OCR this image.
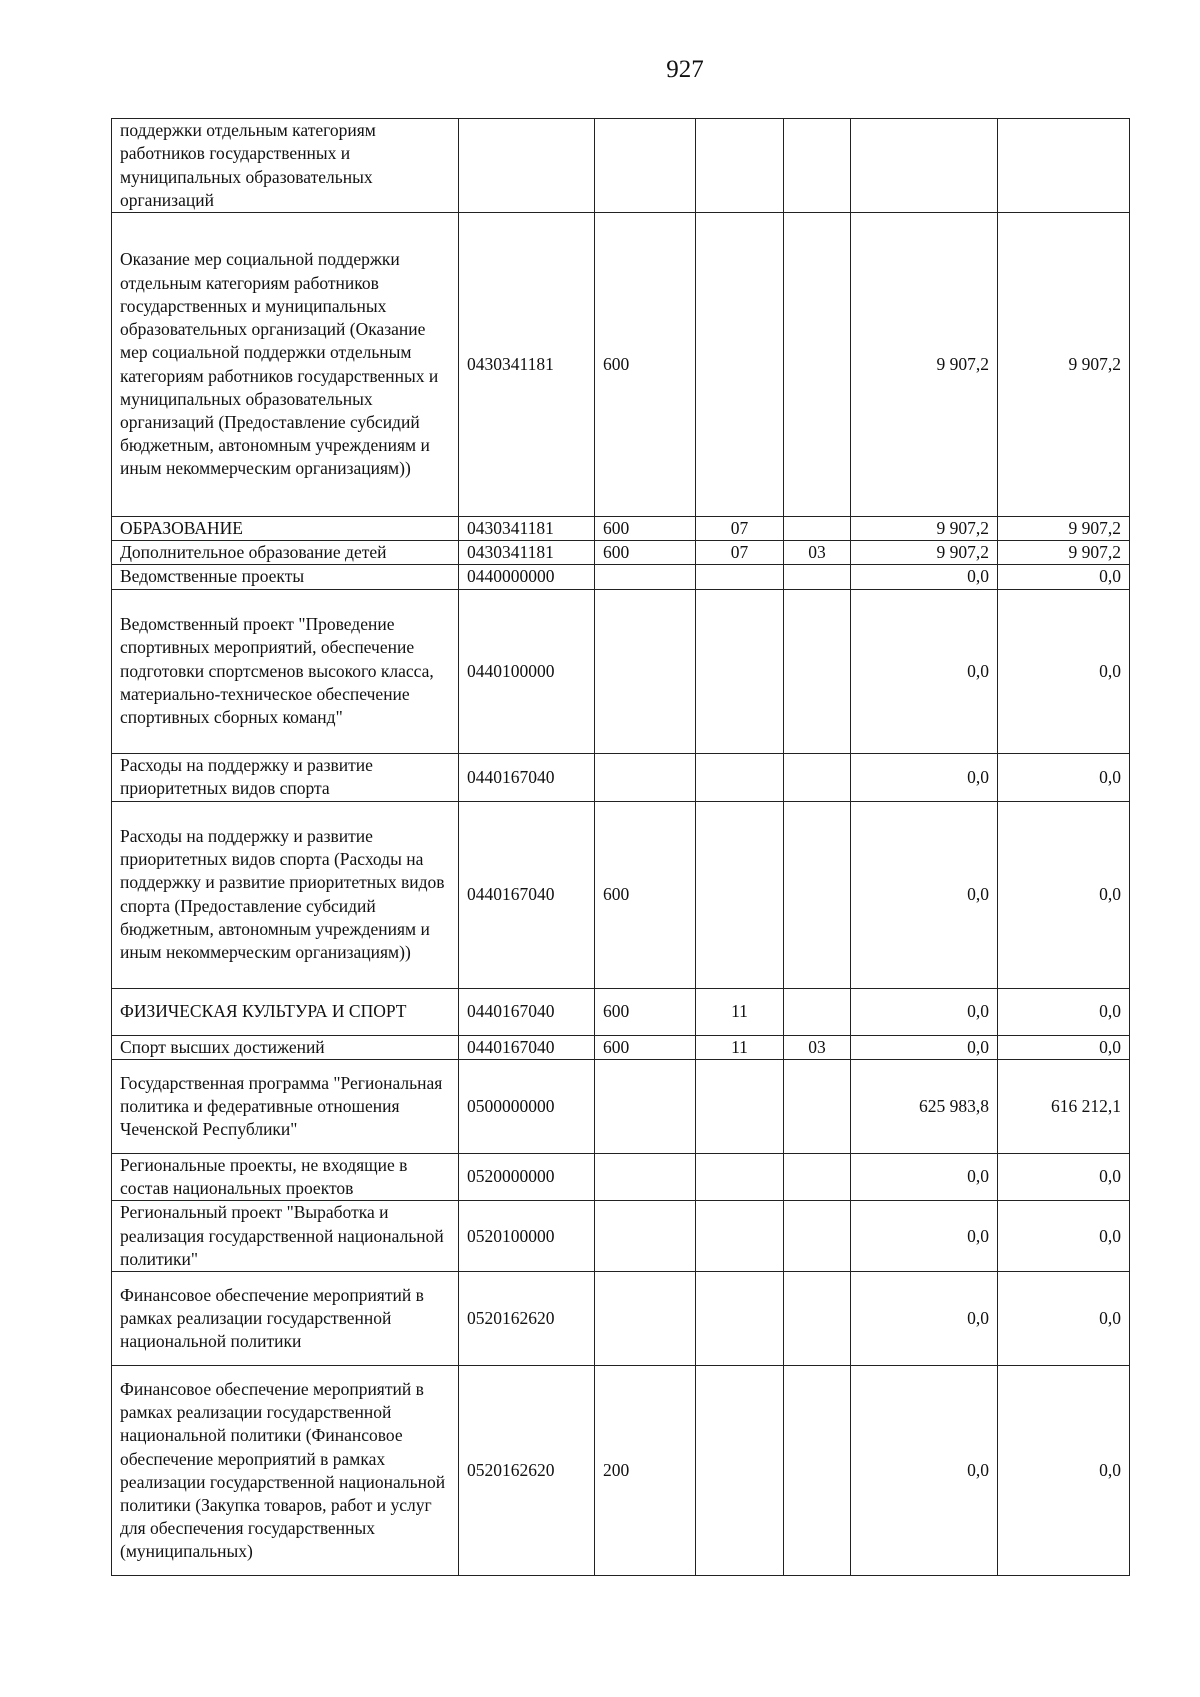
927
поддержки отдельным категориям работников государственных и муниципальных образовательных организаций						
Оказание мер социальной поддержки отдельным категориям работников государственных и муниципальных образовательных организаций (Оказание мер социальной поддержки отдельным категориям работников государственных и муниципальных образовательных организаций (Предоставление субсидий бюджетным, автономным учреждениям и иным некоммерческим организациям))	0430341181	600			9 907,2	9 907,2
ОБРАЗОВАНИЕ	0430341181	600	07		9 907,2	9 907,2
Дополнительное образование детей	0430341181	600	07	03	9 907,2	9 907,2
Ведомственные проекты	0440000000				0,0	0,0
Ведомственный проект "Проведение спортивных мероприятий, обеспечение подготовки спортсменов высокого класса, материально-техническое обеспечение спортивных сборных команд"	0440100000				0,0	0,0
Расходы на поддержку и развитие приоритетных видов спорта	0440167040				0,0	0,0
Расходы на поддержку и развитие приоритетных видов спорта (Расходы на поддержку и развитие приоритетных видов спорта (Предоставление субсидий бюджетным, автономным учреждениям и иным некоммерческим организациям))	0440167040	600			0,0	0,0
ФИЗИЧЕСКАЯ КУЛЬТУРА И СПОРТ	0440167040	600	11		0,0	0,0
Спорт высших достижений	0440167040	600	11	03	0,0	0,0
Государственная программа "Региональная политика и федеративные отношения Чеченской Республики"	0500000000				625 983,8	616 212,1
Региональные проекты, не входящие в состав национальных проектов	0520000000				0,0	0,0
Региональный проект "Выработка и реализация государственной национальной политики"	0520100000				0,0	0,0
Финансовое обеспечение мероприятий в рамках реализации государственной национальной политики	0520162620				0,0	0,0
Финансовое обеспечение мероприятий в рамках реализации государственной национальной политики (Финансовое обеспечение мероприятий в рамках реализации государственной национальной политики (Закупка товаров, работ и услуг для обеспечения государственных (муниципальных)	0520162620	200			0,0	0,0
